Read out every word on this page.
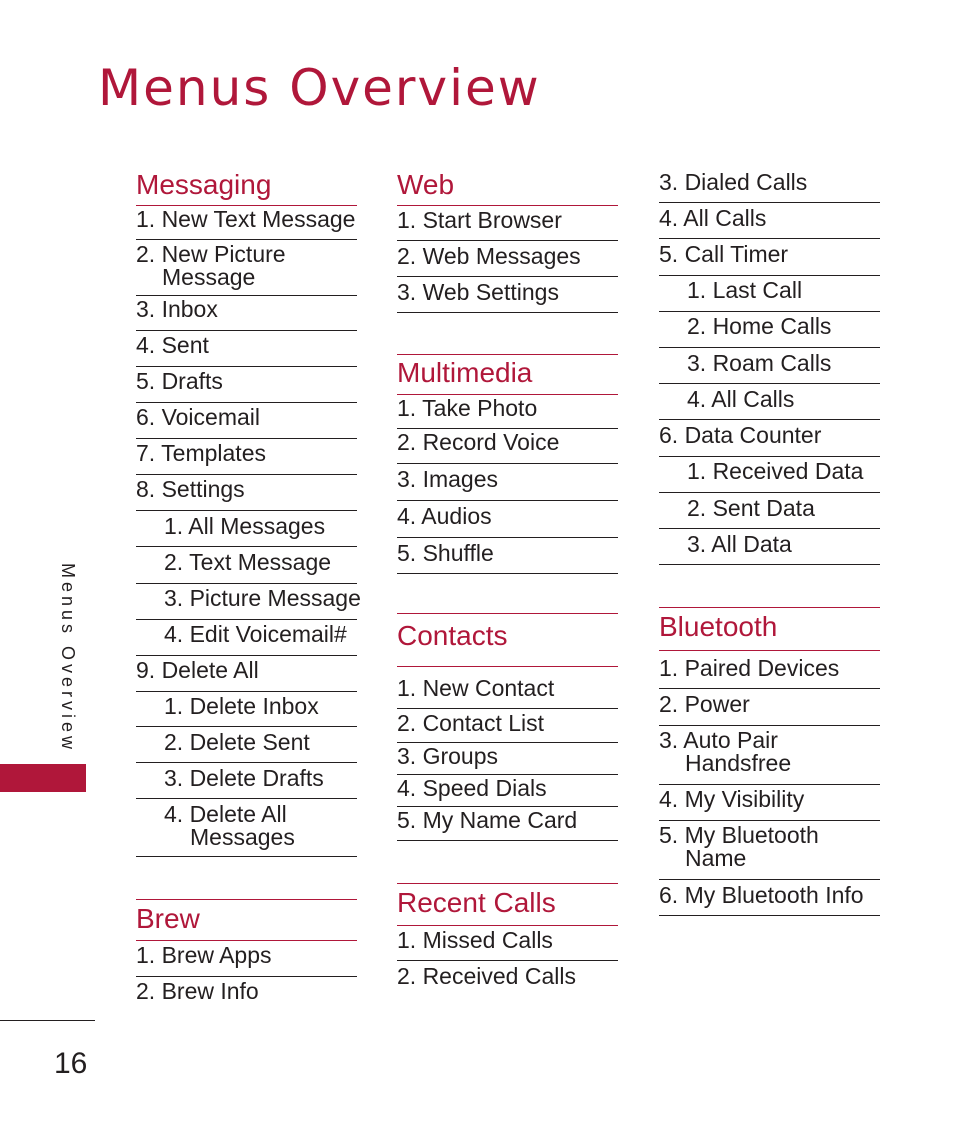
Menus Overview
Menus Overview
16
Messaging
1. New Text Message
2. New Picture
Message
3. Inbox
4. Sent
5. Drafts
6. Voicemail
7. Templates
8. Settings
1. All Messages
2. Text Message
3. Picture Message
4. Edit Voicemail#
9. Delete All
1. Delete Inbox
2. Delete Sent
3. Delete Drafts
4. Delete All
Messages
Brew
1. Brew Apps
2. Brew Info
Web
1. Start Browser
2. Web Messages
3. Web Settings
Multimedia
1. Take Photo
2. Record Voice
3. Images
4. Audios
5. Shuffle
Contacts
1. New Contact
2. Contact List
3. Groups
4. Speed Dials
5. My Name Card
Recent Calls
1. Missed Calls
2. Received Calls
3. Dialed Calls
4. All Calls
5. Call Timer
1. Last Call
2. Home Calls
3. Roam Calls
4. All Calls
6. Data Counter
1. Received Data
2. Sent Data
3. All Data
Bluetooth
1. Paired Devices
2. Power
3. Auto Pair
Handsfree
4. My Visibility
5. My Bluetooth
Name
6. My Bluetooth Info
